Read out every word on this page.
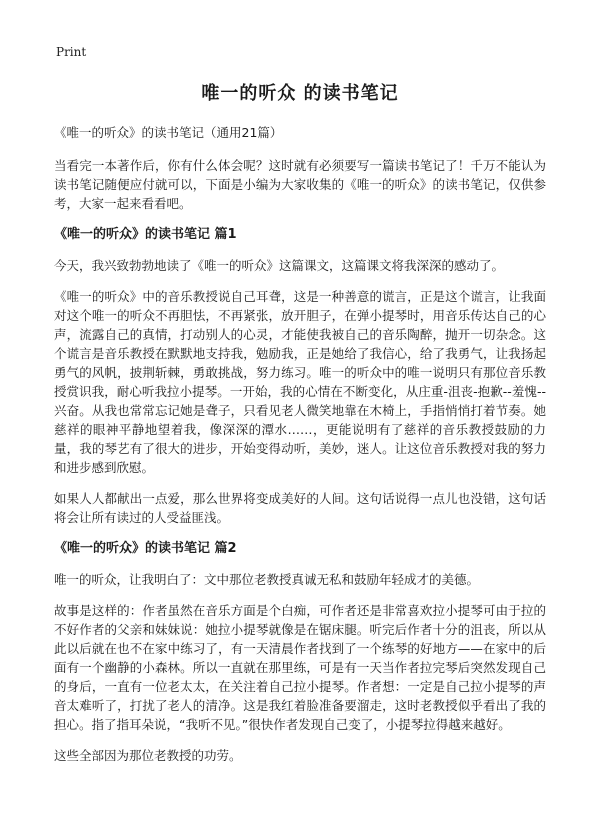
Print
唯一的听众 的读书笔记

《唯一的听众》的读书笔记（通用21篇）

当看完一本著作后，你有什么体会呢？这时就有必须要写一篇读书笔记了！千万不能认为读书笔记随便应付就可以，下面是小编为大家收集的《唯一的听众》的读书笔记，仅供参考，大家一起来看看吧。

《唯一的听众》的读书笔记 篇1

今天，我兴致勃勃地读了《唯一的听众》这篇课文，这篇课文将我深深的感动了。

《唯一的听众》中的音乐教授说自己耳聋，这是一种善意的谎言，正是这个谎言，让我面对这个唯一的听众不再胆怯，不再紧张，放开胆子，在弹小提琴时，用音乐传达自己的心声，流露自己的真情，打动别人的心灵，才能使我被自己的音乐陶醉，抛开一切杂念。这个谎言是音乐教授在默默地支持我，勉励我，正是她给了我信心，给了我勇气，让我扬起勇气的风帆，披荆斩棘，勇敢挑战，努力练习。唯一的听众中的唯一说明只有那位音乐教授赏识我，耐心听我拉小提琴。一开始，我的心情在不断变化，从庄重-沮丧-抱歉--羞愧--兴奋。从我也常常忘记她是聋子，只看见老人微笑地靠在木椅上，手指悄悄打着节奏。她慈祥的眼神平静地望着我，像深深的潭水……，更能说明有了慈祥的音乐教授鼓励的力量，我的琴艺有了很大的进步，开始变得动听，美妙，迷人。让这位音乐教授对我的努力和进步感到欣慰。

如果人人都献出一点爱，那么世界将变成美好的人间。这句话说得一点儿也没错，这句话将会让所有读过的人受益匪浅。

《唯一的听众》的读书笔记 篇2

唯一的听众，让我明白了：文中那位老教授真诚无私和鼓励年轻成才的美德。

故事是这样的：作者虽然在音乐方面是个白痴，可作者还是非常喜欢拉小提琴可由于拉的不好作者的父亲和妹妹说：她拉小提琴就像是在锯床腿。听完后作者十分的沮丧，所以从此以后就在也不在家中练习了，有一天清晨作者找到了一个练琴的好地方——在家中的后面有一个幽静的小森林。所以一直就在那里练，可是有一天当作者拉完琴后突然发现自己的身后，一直有一位老太太，在关注着自己拉小提琴。作者想：一定是自己拉小提琴的声音太难听了，打扰了老人的清净。这是我红着脸准备要溜走，这时老教授似乎看出了我的担心。指了指耳朵说，“我听不见。”很快作者发现自己变了，小提琴拉得越来越好。

这些全部因为那位老教授的功劳。
